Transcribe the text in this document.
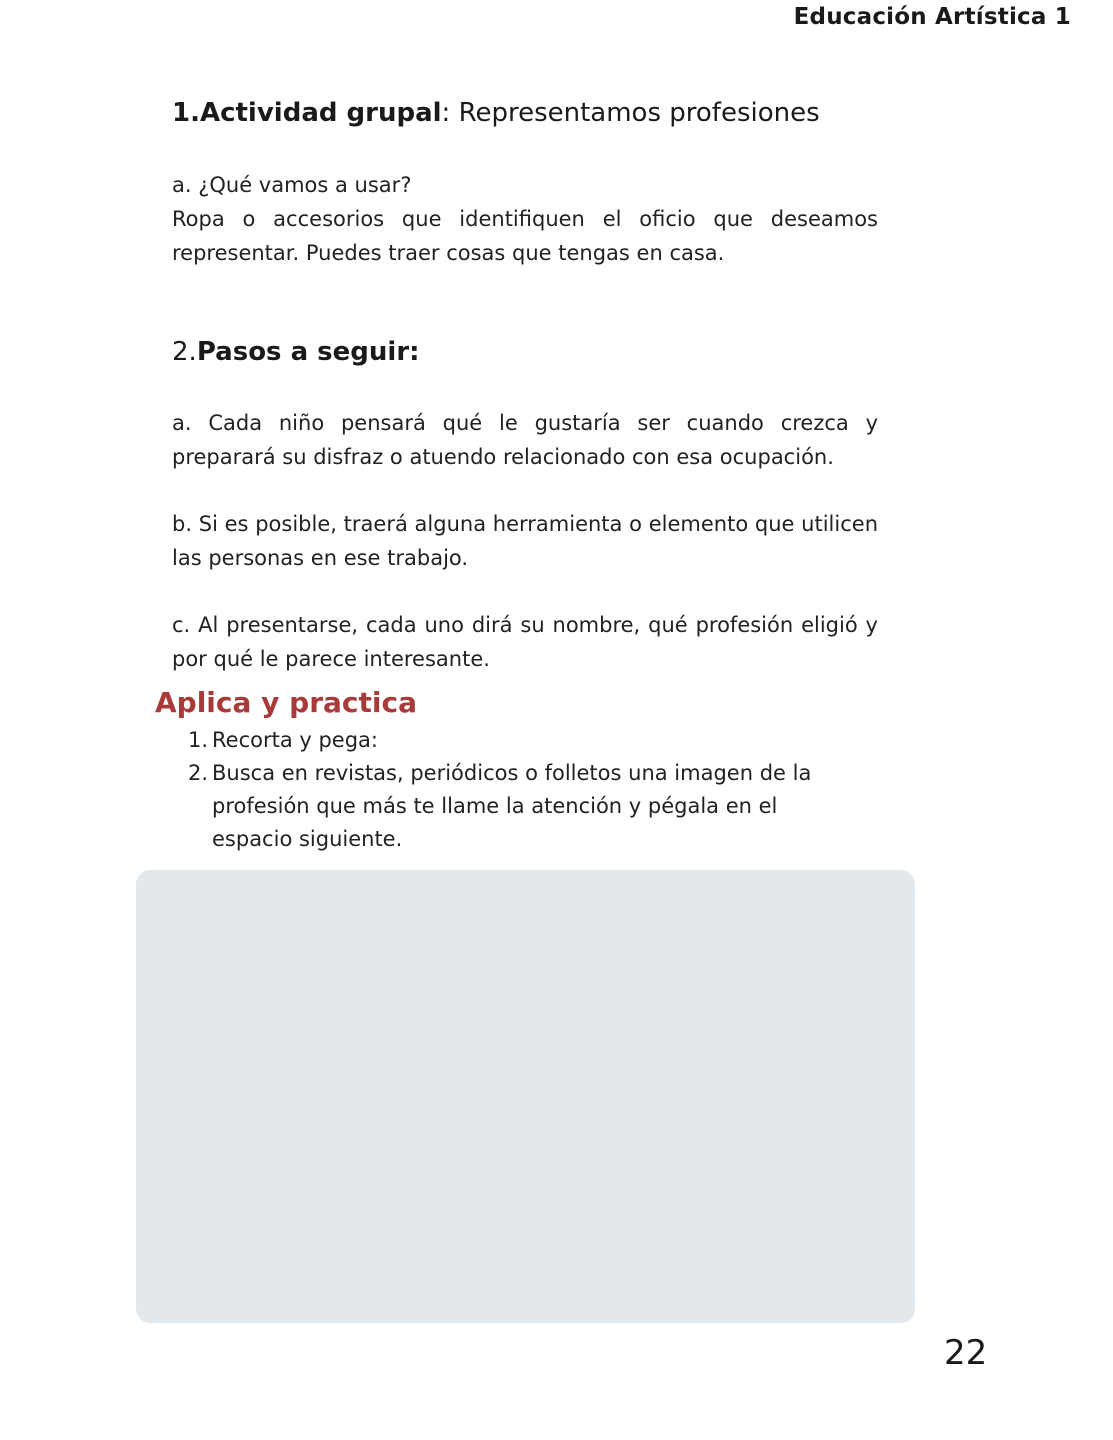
Educación Artística 1
1.Actividad grupal: Representamos profesiones
a. ¿Qué vamos a usar?
Ropa o accesorios que identifiquen el oficio que deseamos representar. Puedes traer cosas que tengas en casa.
2.Pasos a seguir:
a. Cada niño pensará qué le gustaría ser cuando crezca y preparará su disfraz o atuendo relacionado con esa ocupación.
b. Si es posible, traerá alguna herramienta o elemento que utilicen las personas en ese trabajo.
c. Al presentarse, cada uno dirá su nombre, qué profesión eligió y por qué le parece interesante.
Aplica y practica
1. Recorta y pega:
2. Busca en revistas, periódicos o folletos una imagen de la profesión que más te llame la atención y pégala en el espacio siguiente.
22
